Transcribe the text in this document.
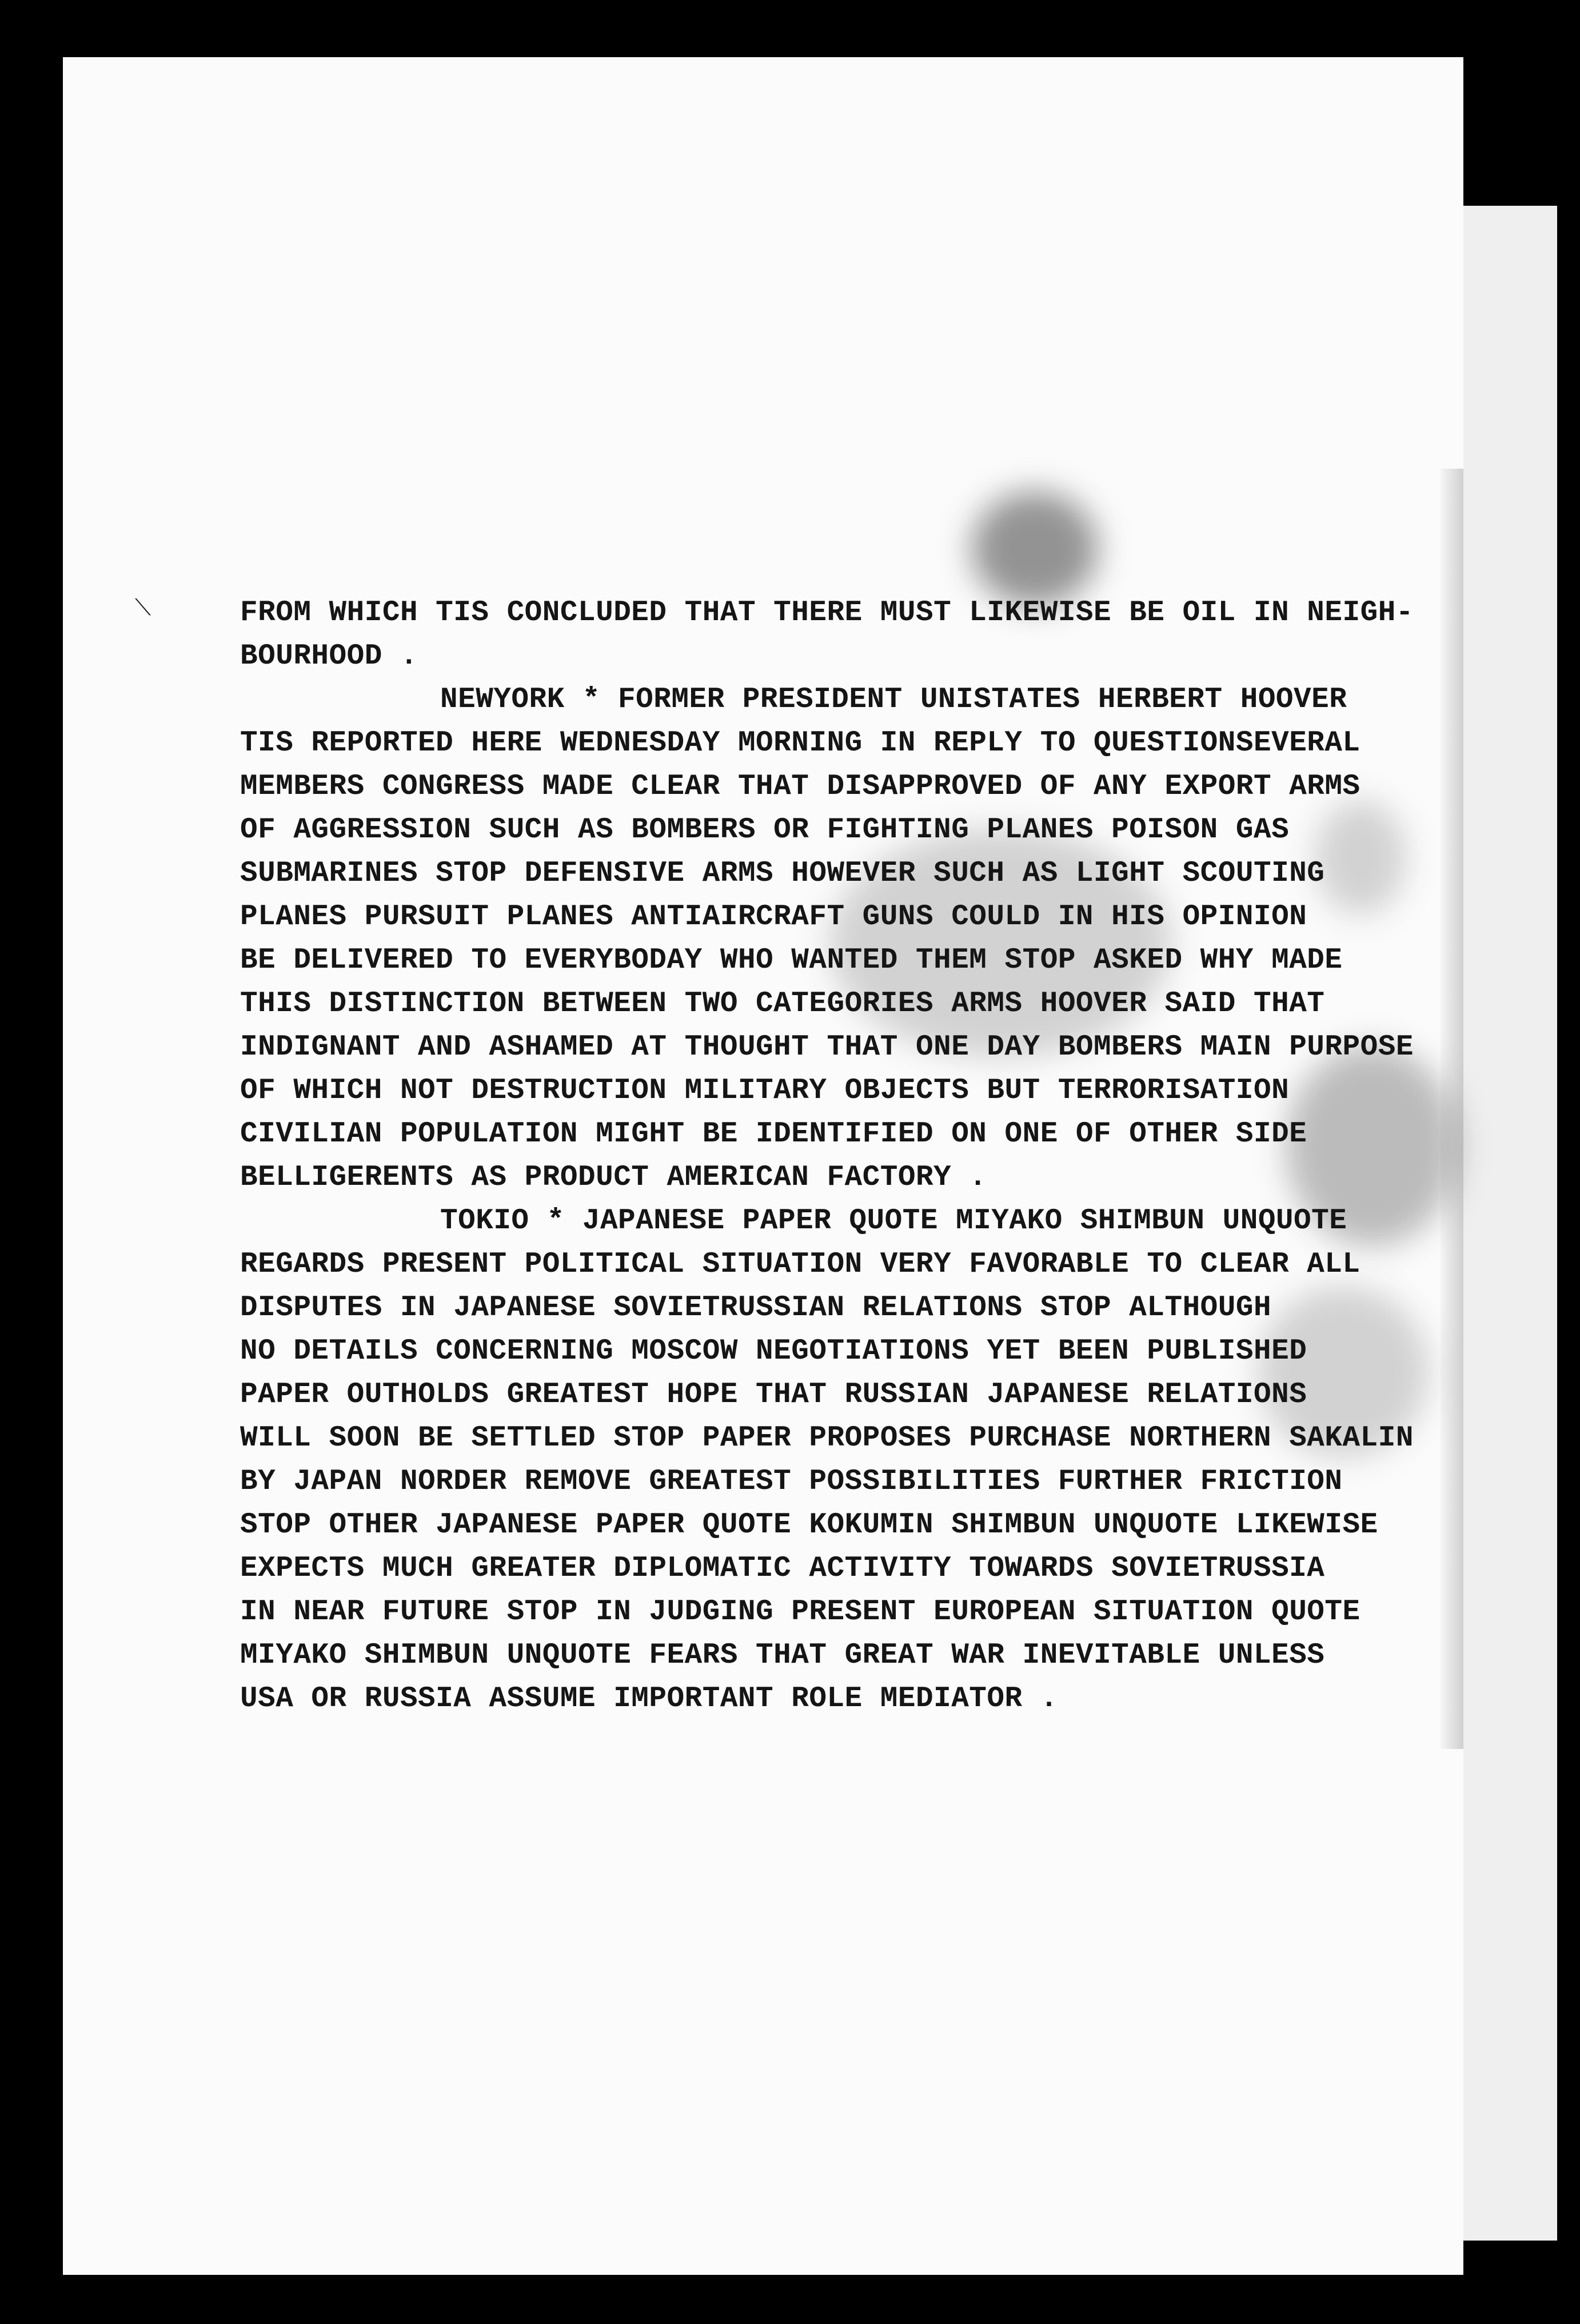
⟍	FROM WHICH TIS CONCLUDED THAT THERE MUST LIKEWISE BE OIL IN NEIGH-
BOURHOOD .
NEWYORK * FORMER PRESIDENT UNISTATES HERBERT HOOVER
TIS REPORTED HERE WEDNESDAY MORNING IN REPLY TO QUESTIONSEVERAL
MEMBERS CONGRESS MADE CLEAR THAT DISAPPROVED OF ANY EXPORT ARMS
OF AGGRESSION SUCH AS BOMBERS OR FIGHTING PLANES POISON GAS
SUBMARINES STOP DEFENSIVE ARMS HOWEVER SUCH AS LIGHT SCOUTING
PLANES PURSUIT PLANES ANTIAIRCRAFT GUNS COULD IN HIS OPINION
BE DELIVERED TO EVERYBODAY WHO WANTED THEM STOP ASKED WHY MADE
THIS DISTINCTION BETWEEN TWO CATEGORIES ARMS HOOVER SAID THAT
INDIGNANT AND ASHAMED AT THOUGHT THAT ONE DAY BOMBERS MAIN PURPOSE
OF WHICH NOT DESTRUCTION MILITARY OBJECTS BUT TERRORISATION
CIVILIAN POPULATION MIGHT BE IDENTIFIED ON ONE OF OTHER SIDE
BELLIGERENTS AS PRODUCT AMERICAN FACTORY .
TOKIO * JAPANESE PAPER QUOTE MIYAKO SHIMBUN UNQUOTE
REGARDS PRESENT POLITICAL SITUATION VERY FAVORABLE TO CLEAR ALL
DISPUTES IN JAPANESE SOVIETRUSSIAN RELATIONS STOP ALTHOUGH
NO DETAILS CONCERNING MOSCOW NEGOTIATIONS YET BEEN PUBLISHED
PAPER OUTHOLDS GREATEST HOPE THAT RUSSIAN JAPANESE RELATIONS
WILL SOON BE SETTLED STOP PAPER PROPOSES PURCHASE NORTHERN SAKALIN
BY JAPAN NORDER REMOVE GREATEST POSSIBILITIES FURTHER FRICTION
STOP OTHER JAPANESE PAPER QUOTE KOKUMIN SHIMBUN UNQUOTE LIKEWISE
EXPECTS MUCH GREATER DIPLOMATIC ACTIVITY TOWARDS SOVIETRUSSIA
IN NEAR FUTURE STOP IN JUDGING PRESENT EUROPEAN SITUATION QUOTE
MIYAKO SHIMBUN UNQUOTE FEARS THAT GREAT WAR INEVITABLE UNLESS
USA OR RUSSIA ASSUME IMPORTANT ROLE MEDIATOR .
